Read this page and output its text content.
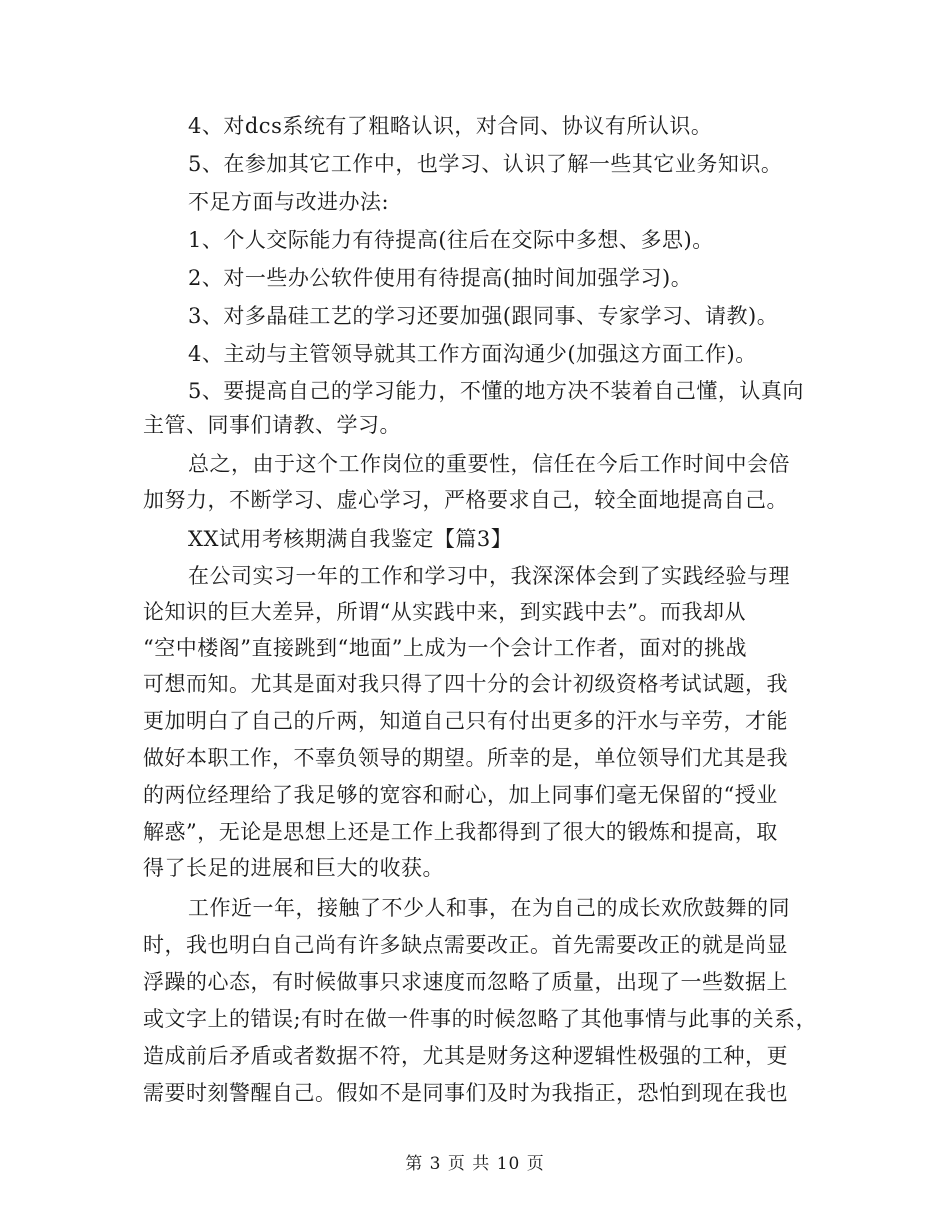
4、对dcs系统有了粗略认识，对合同、协议有所认识。
5、在参加其它工作中，也学习、认识了解一些其它业务知识。
不足方面与改进办法:
1、个人交际能力有待提高(往后在交际中多想、多思)。
2、对一些办公软件使用有待提高(抽时间加强学习)。
3、对多晶硅工艺的学习还要加强(跟同事、专家学习、请教)。
4、主动与主管领导就其工作方面沟通少(加强这方面工作)。
5、要提高自己的学习能力，不懂的地方决不装着自己懂，认真向
主管、同事们请教、学习。
总之，由于这个工作岗位的重要性，信任在今后工作时间中会倍
加努力，不断学习、虚心学习，严格要求自己，较全面地提高自己。
XX试用考核期满自我鉴定【篇3】
在公司实习一年的工作和学习中，我深深体会到了实践经验与理
论知识的巨大差异，所谓“从实践中来，到实践中去”。而我却从
“空中楼阁”直接跳到“地面”上成为一个会计工作者，面对的挑战
可想而知。尤其是面对我只得了四十分的会计初级资格考试试题，我
更加明白了自己的斤两，知道自己只有付出更多的汗水与辛劳，才能
做好本职工作，不辜负领导的期望。所幸的是，单位领导们尤其是我
的两位经理给了我足够的宽容和耐心，加上同事们毫无保留的“授业
解惑”，无论是思想上还是工作上我都得到了很大的锻炼和提高，取
得了长足的进展和巨大的收获。
工作近一年，接触了不少人和事，在为自己的成长欢欣鼓舞的同
时，我也明白自己尚有许多缺点需要改正。首先需要改正的就是尚显
浮躁的心态，有时候做事只求速度而忽略了质量，出现了一些数据上
或文字上的错误;有时在做一件事的时候忽略了其他事情与此事的关系，
造成前后矛盾或者数据不符，尤其是财务这种逻辑性极强的工种，更
需要时刻警醒自己。假如不是同事们及时为我指正，恐怕到现在我也
第 3 页 共 10 页
